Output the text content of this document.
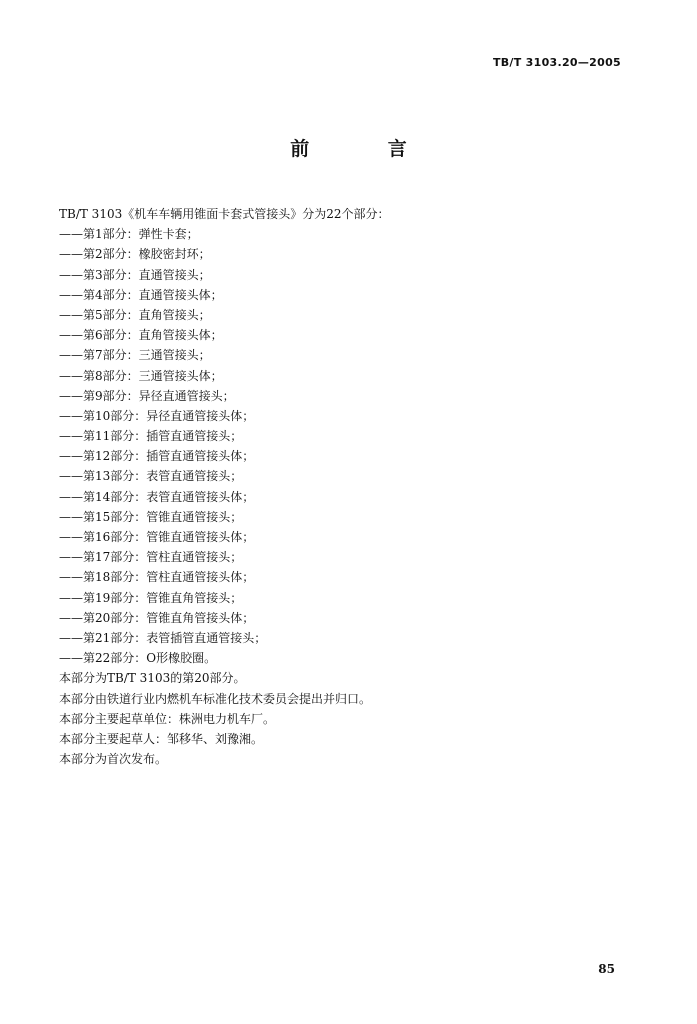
TB/T 3103.20—2005
前 言
TB/T 3103《机车车辆用锥面卡套式管接头》分为22个部分：
——第1部分：弹性卡套；
——第2部分：橡胶密封环；
——第3部分：直通管接头；
——第4部分：直通管接头体；
——第5部分：直角管接头；
——第6部分：直角管接头体；
——第7部分：三通管接头；
——第8部分：三通管接头体；
——第9部分：异径直通管接头；
——第10部分：异径直通管接头体；
——第11部分：插管直通管接头；
——第12部分：插管直通管接头体；
——第13部分：表管直通管接头；
——第14部分：表管直通管接头体；
——第15部分：管锥直通管接头；
——第16部分：管锥直通管接头体；
——第17部分：管柱直通管接头；
——第18部分：管柱直通管接头体；
——第19部分：管锥直角管接头；
——第20部分：管锥直角管接头体；
——第21部分：表管插管直通管接头；
——第22部分：O形橡胶圈。
本部分为TB/T 3103的第20部分。
本部分由铁道行业内燃机车标准化技术委员会提出并归口。
本部分主要起草单位：株洲电力机车厂。
本部分主要起草人：邹移华、刘豫湘。
本部分为首次发布。
85
